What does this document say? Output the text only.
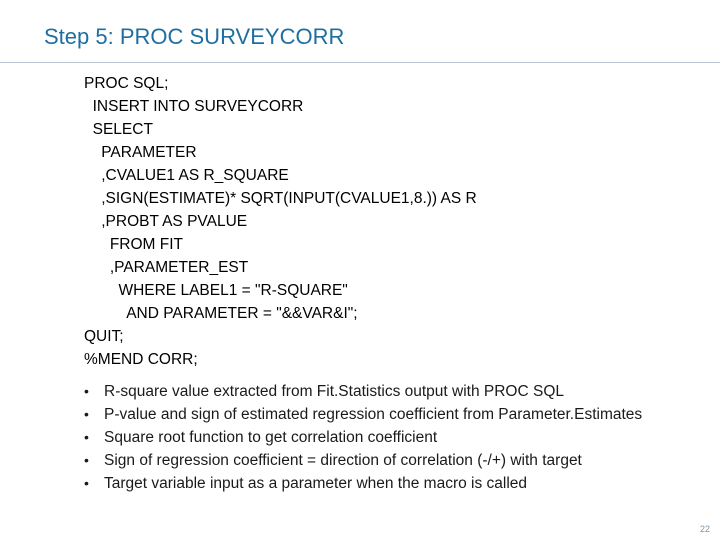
Step 5: PROC SURVEYCORR
PROC SQL;
INSERT INTO SURVEYCORR
SELECT
PARAMETER
,CVALUE1 AS R_SQUARE
,SIGN(ESTIMATE)* SQRT(INPUT(CVALUE1,8.)) AS R
,PROBT AS PVALUE
FROM FIT
,PARAMETER_EST
WHERE LABEL1 = "R-SQUARE"
AND PARAMETER = "&&VAR&I";
QUIT;
%MEND CORR;
• R-square value extracted from Fit.Statistics output with PROC SQL
• P-value and sign of estimated regression coefficient from Parameter.Estimates
• Square root function to get correlation coefficient
• Sign of regression coefficient = direction of correlation (-/+) with target
• Target variable input as a parameter when the macro is called
22
